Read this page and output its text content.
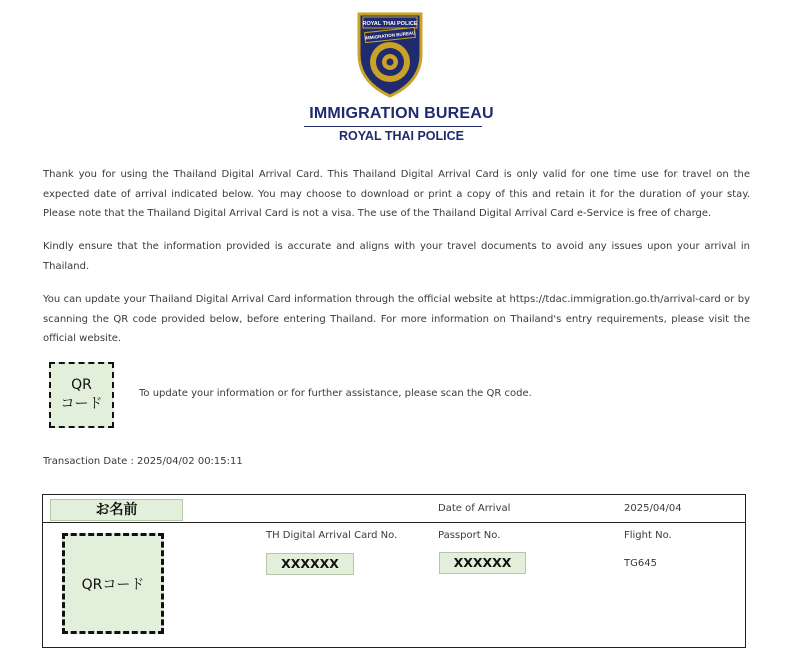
ROYAL THAI POLICE
IMMIGRATION BUREAU
IMMIGRATION BUREAU
ROYAL THAI POLICE
Thank you for using the Thailand Digital Arrival Card. This Thailand Digital Arrival Card is only valid for one time use for travel on the expected date of arrival indicated below. You may choose to download or print a copy of this and retain it for the duration of your stay. Please note that the Thailand Digital Arrival Card is not a visa. The use of the Thailand Digital Arrival Card e-Service is free of charge.
Kindly ensure that the information provided is accurate and aligns with your travel documents to avoid any issues upon your arrival in Thailand.
You can update your Thailand Digital Arrival Card information through the official website at https://tdac.immigration.go.th/arrival-card or by scanning the QR code provided below, before entering Thailand. For more information on Thailand's entry requirements, please visit the official website.
QR
コード
To update your information or for further assistance, please scan the QR code.
Transaction Date : 2025/04/02 00:15:11
お名前	Date of Arrival	2025/04/04
TH Digital Arrival Card No.	Passport No.	Flight No.
XXXXXX	XXXXXX	TG645
QRコード
